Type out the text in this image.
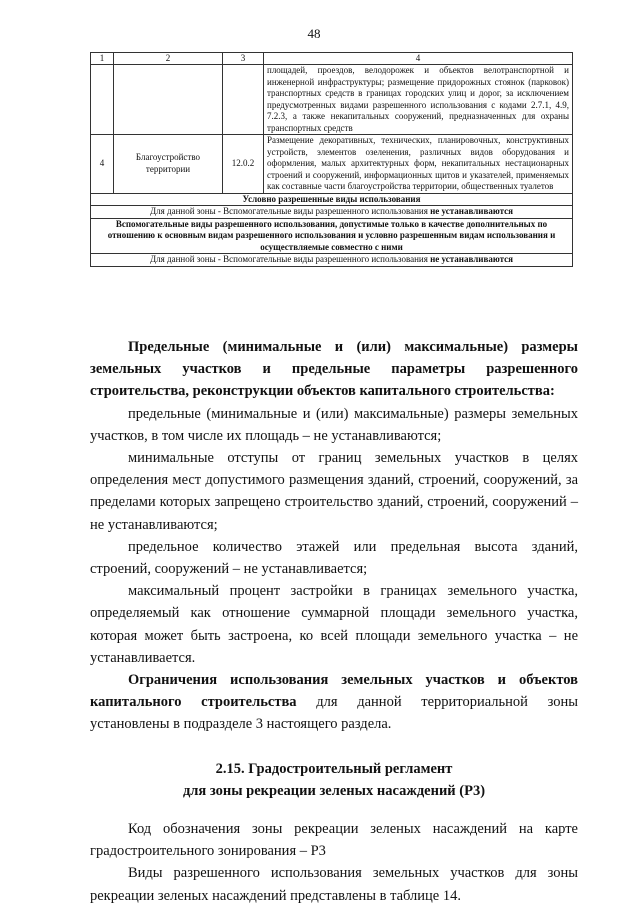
48
1	2	3	4
			площадей, проездов, велодорожек и объектов велотранспортной и инженерной инфраструктуры; размещение придорожных стоянок (парковок) транспортных средств в границах городских улиц и дорог, за исключением предусмотренных видами разрешенного использования с кодами 2.7.1, 4.9, 7.2.3, а также некапитальных сооружений, предназначенных для охраны транспортных средств
4	Благоустройство территории	12.0.2	Размещение декоративных, технических, планировочных, конструктивных устройств, элементов озеленения, различных видов оборудования и оформления, малых архитектурных форм, некапитальных нестационарных строений и сооружений, информационных щитов и указателей, применяемых как составные части благоустройства территории, общественных туалетов
Условно разрешенные виды использования			
Для данной зоны - Вспомогательные виды разрешенного использования не устанавливаются			
Вспомогательные виды разрешенного использования, допустимые только в качестве дополнительных по отношению к основным видам разрешенного использования и условно разрешенным видам использования и осуществляемые совместно с ними			
Для данной зоны - Вспомогательные виды разрешенного использования не устанавливаются			

Предельные (минимальные и (или) максимальные) размеры земельных участков и предельные параметры разрешенного строительства, реконструкции объектов капитального строительства:

предельные (минимальные и (или) максимальные) размеры земельных участков, в том числе их площадь – не устанавливаются;

минимальные отступы от границ земельных участков в целях определения мест допустимого размещения зданий, строений, сооружений, за пределами которых запрещено строительство зданий, строений, сооружений – не устанавливаются;

предельное количество этажей или предельная высота зданий, строений, сооружений – не устанавливается;

максимальный процент застройки в границах земельного участка, определяемый как отношение суммарной площади земельного участка, которая может быть застроена, ко всей площади земельного участка – не устанавливается.

Ограничения использования земельных участков и объектов капитального строительства для данной территориальной зоны установлены в подразделе 3 настоящего раздела.

2.15. Градостроительный регламент

для зоны рекреации зеленых насаждений (Р3)

Код обозначения зоны рекреации зеленых насаждений на карте градостроительного зонирования – Р3

Виды разрешенного использования земельных участков для зоны рекреации зеленых насаждений представлены в таблице 14.
